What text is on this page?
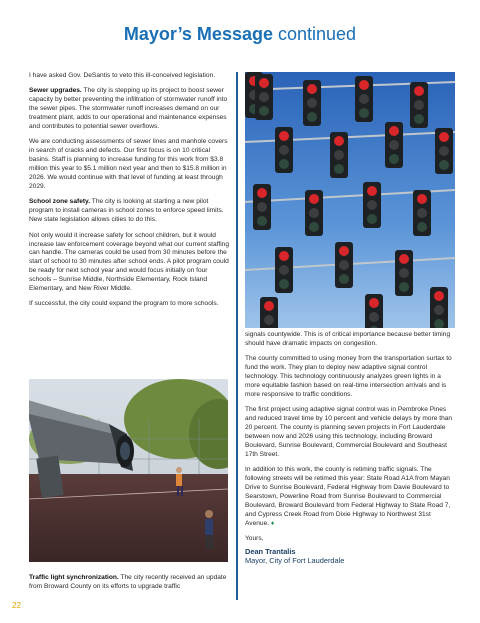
Mayor’s Message continued

I have asked Gov. DeSantis to veto this ill-conceived legislation.

Sewer upgrades. The city is stepping up its project to boost sewer capacity by better preventing the infiltration of stormwater runoff into the sewer pipes. The stormwater runoff increases demand on our treatment plant, adds to our operational and maintenance expenses and contributes to potential sewer overflows.

We are conducting assessments of sewer lines and manhole covers in search of cracks and defects. Our first focus is on 10 critical basins. Staff is planning to increase funding for this work from $3.8 million this year to $5.1 million next year and then to $15.8 million in 2026. We would continue with that level of funding at least through 2029.

School zone safety. The city is looking at starting a new pilot program to install cameras in school zones to enforce speed limits. New state legislation allows cities to do this.

Not only would it increase safety for school children, but it would increase law enforcement coverage beyond what our current staffing can handle. The cameras could be used from 30 minutes before the start of school to 30 minutes after school ends. A pilot program could be ready for next school year and would focus initially on four schools – Sunrise Middle, Northside Elementary, Rock Island Elementary, and New River Middle.

If successful, the city could expand the program to more schools.

Traffic light synchronization. The city recently received an update from Broward County on its efforts to upgrade traffic

signals countywide. This is of critical importance because better timing should have dramatic impacts on congestion.

The county committed to using money from the transportation surtax to fund the work. They plan to deploy new adaptive signal control technology. This technology continuously analyzes green lights in a more equitable fashion based on real-time intersection arrivals and is more responsive to traffic conditions.

The first project using adaptive signal control was in Pembroke Pines and reduced travel time by 10 percent and vehicle delays by more than 20 percent. The county is planning seven projects in Fort Lauderdale between now and 2026 using this technology, including Broward Boulevard, Sunrise Boulevard, Commercial Boulevard and Southeast 17th Street.

In addition to this work, the county is retiming traffic signals. The following streets will be retimed this year: State Road A1A from Mayan Drive to Sunrise Boulevard, Federal Highway from Davie Boulevard to Searstown, Powerline Road from Sunrise Boulevard to Commercial Boulevard, Broward Boulevard from Federal Highway to State Road 7, and Cypress Creek Road from Dixie Highway to Northwest 31st Avenue. ♦

Yours,

Dean Trantalis
Mayor, City of Fort Lauderdale
22
